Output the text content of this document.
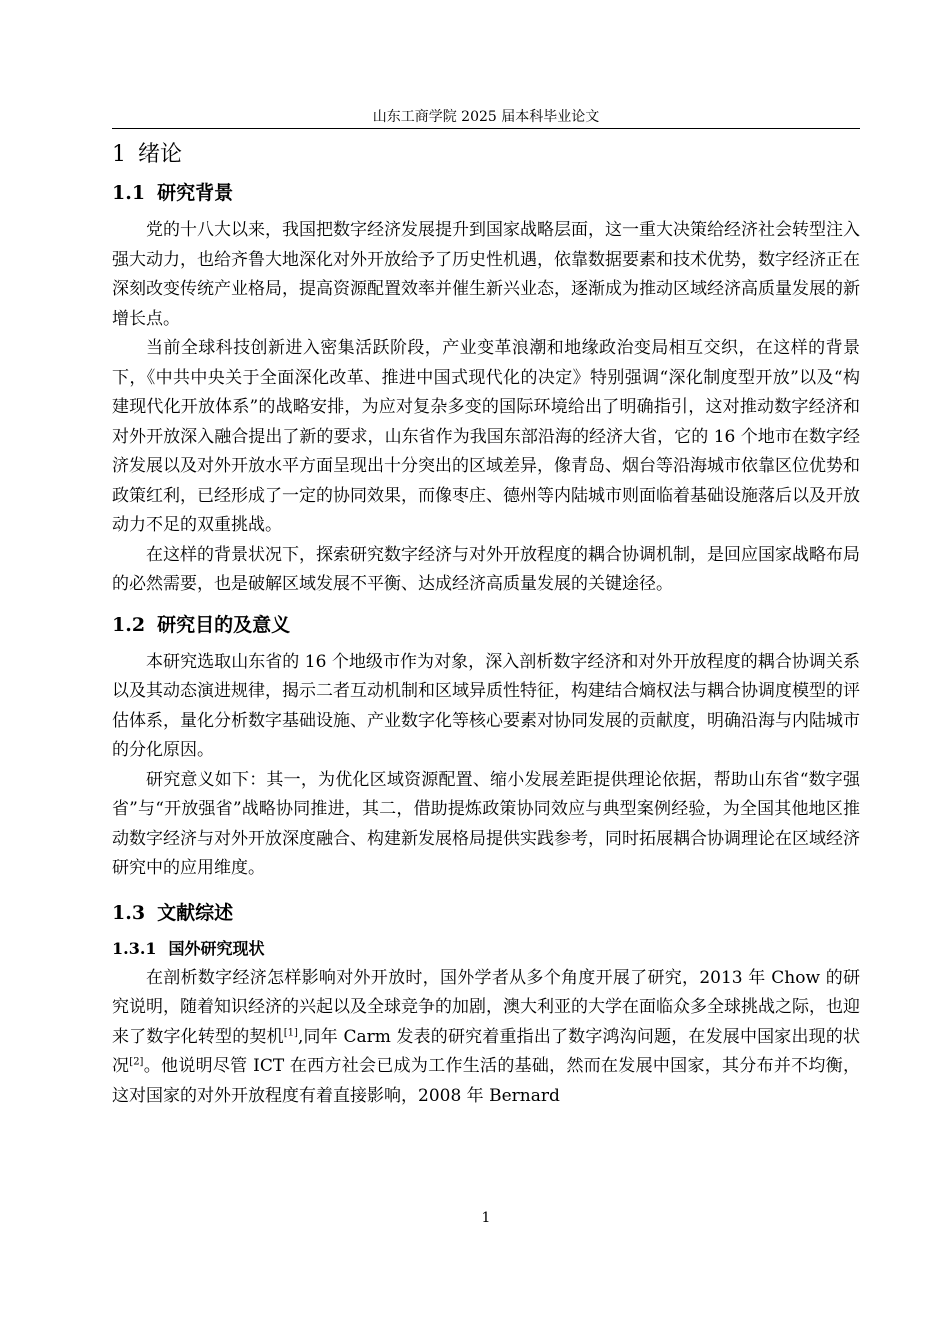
山东工商学院 2025 届本科毕业论文
1 绪论
1.1 研究背景

党的十八大以来，我国把数字经济发展提升到国家战略层面，这一重大决策给经济社会转型注入强大动力，也给齐鲁大地深化对外开放给予了历史性机遇，依靠数据要素和技术优势，数字经济正在深刻改变传统产业格局，提高资源配置效率并催生新兴业态，逐渐成为推动区域经济高质量发展的新增长点。

当前全球科技创新进入密集活跃阶段，产业变革浪潮和地缘政治变局相互交织，在这样的背景下，《中共中央关于全面深化改革、推进中国式现代化的决定》特别强调“深化制度型开放”以及“构建现代化开放体系”的战略安排，为应对复杂多变的国际环境给出了明确指引，这对推动数字经济和对外开放深入融合提出了新的要求，山东省作为我国东部沿海的经济大省，它的 16 个地市在数字经济发展以及对外开放水平方面呈现出十分突出的区域差异，像青岛、烟台等沿海城市依靠区位优势和政策红利，已经形成了一定的协同效果，而像枣庄、德州等内陆城市则面临着基础设施落后以及开放动力不足的双重挑战。

在这样的背景状况下，探索研究数字经济与对外开放程度的耦合协调机制，是回应国家战略布局的必然需要，也是破解区域发展不平衡、达成经济高质量发展的关键途径。

1.2 研究目的及意义

本研究选取山东省的 16 个地级市作为对象，深入剖析数字经济和对外开放程度的耦合协调关系以及其动态演进规律，揭示二者互动机制和区域异质性特征，构建结合熵权法与耦合协调度模型的评估体系，量化分析数字基础设施、产业数字化等核心要素对协同发展的贡献度，明确沿海与内陆城市的分化原因。

研究意义如下：其一，为优化区域资源配置、缩小发展差距提供理论依据，帮助山东省“数字强省”与“开放强省”战略协同推进，其二，借助提炼政策协同效应与典型案例经验，为全国其他地区推动数字经济与对外开放深度融合、构建新发展格局提供实践参考，同时拓展耦合协调理论在区域经济研究中的应用维度。

1.3 文献综述
1.3.1 国外研究现状

在剖析数字经济怎样影响对外开放时，国外学者从多个角度开展了研究，2013 年 Chow 的研究说明，随着知识经济的兴起以及全球竞争的加剧，澳大利亚的大学在面临众多全球挑战之际，也迎来了数字化转型的契机[1],同年 Carm 发表的研究着重指出了数字鸿沟问题，在发展中国家出现的状况[2]。他说明尽管 ICT 在西方社会已成为工作生活的基础，然而在发展中国家，其分布并不均衡，这对国家的对外开放程度有着直接影响，2008 年 Bernard

1
